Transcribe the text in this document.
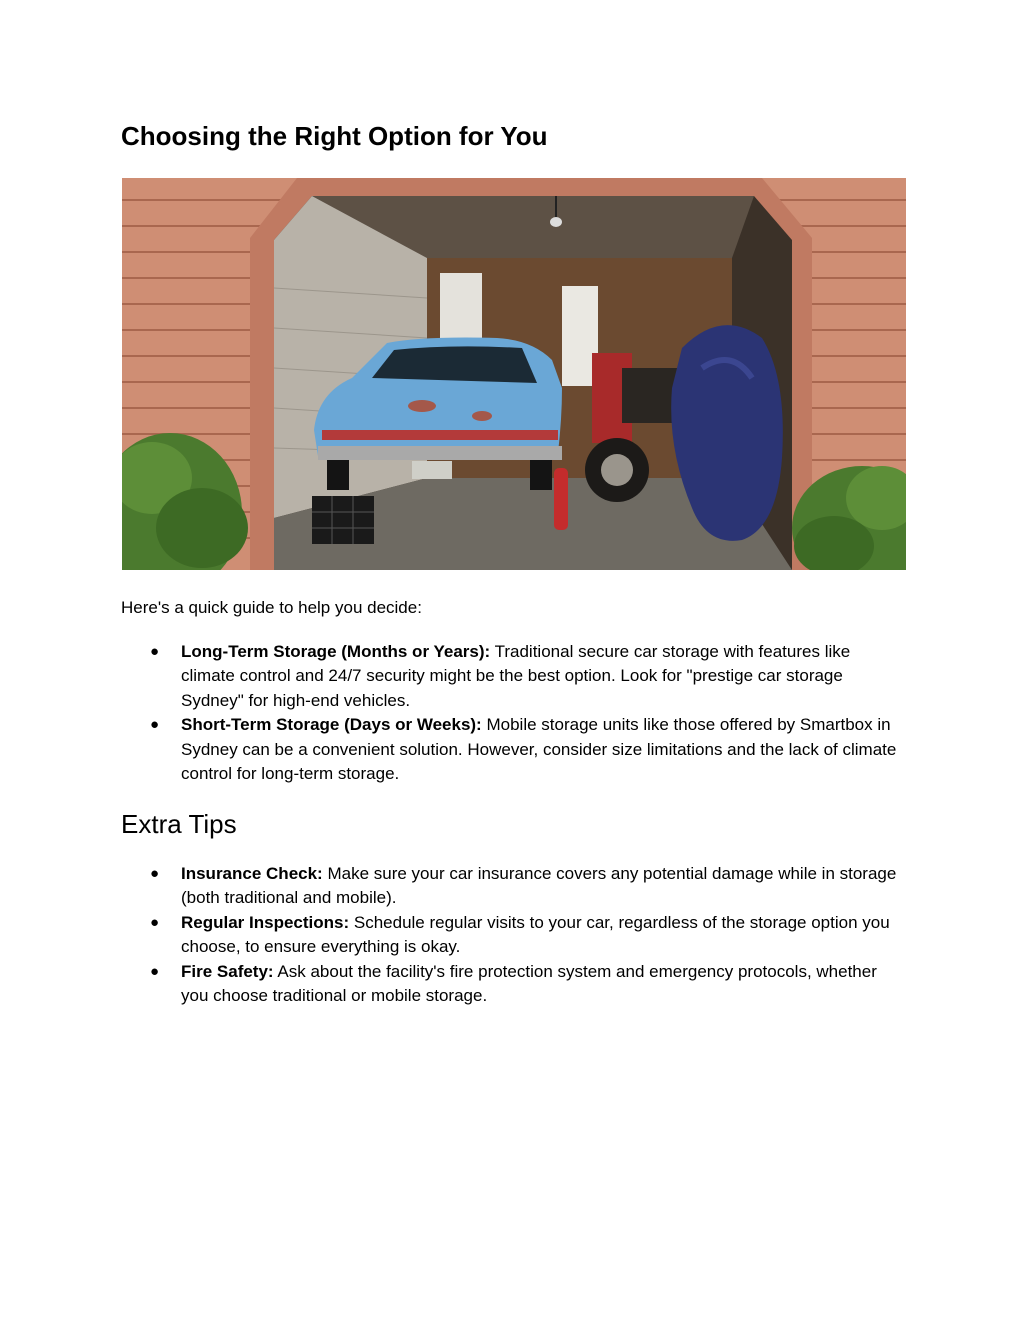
Choosing the Right Option for You

Here's a quick guide to help you decide:

● Long-Term Storage (Months or Years): Traditional secure car storage with features like climate control and 24/7 security might be the best option. Look for "prestige car storage Sydney" for high-end vehicles.
● Short-Term Storage (Days or Weeks): Mobile storage units like those offered by Smartbox in Sydney can be a convenient solution. However, consider size limitations and the lack of climate control for long-term storage.
Extra Tips
● Insurance Check: Make sure your car insurance covers any potential damage while in storage (both traditional and mobile).
● Regular Inspections: Schedule regular visits to your car, regardless of the storage option you choose, to ensure everything is okay.
● Fire Safety: Ask about the facility's fire protection system and emergency protocols, whether you choose traditional or mobile storage.
